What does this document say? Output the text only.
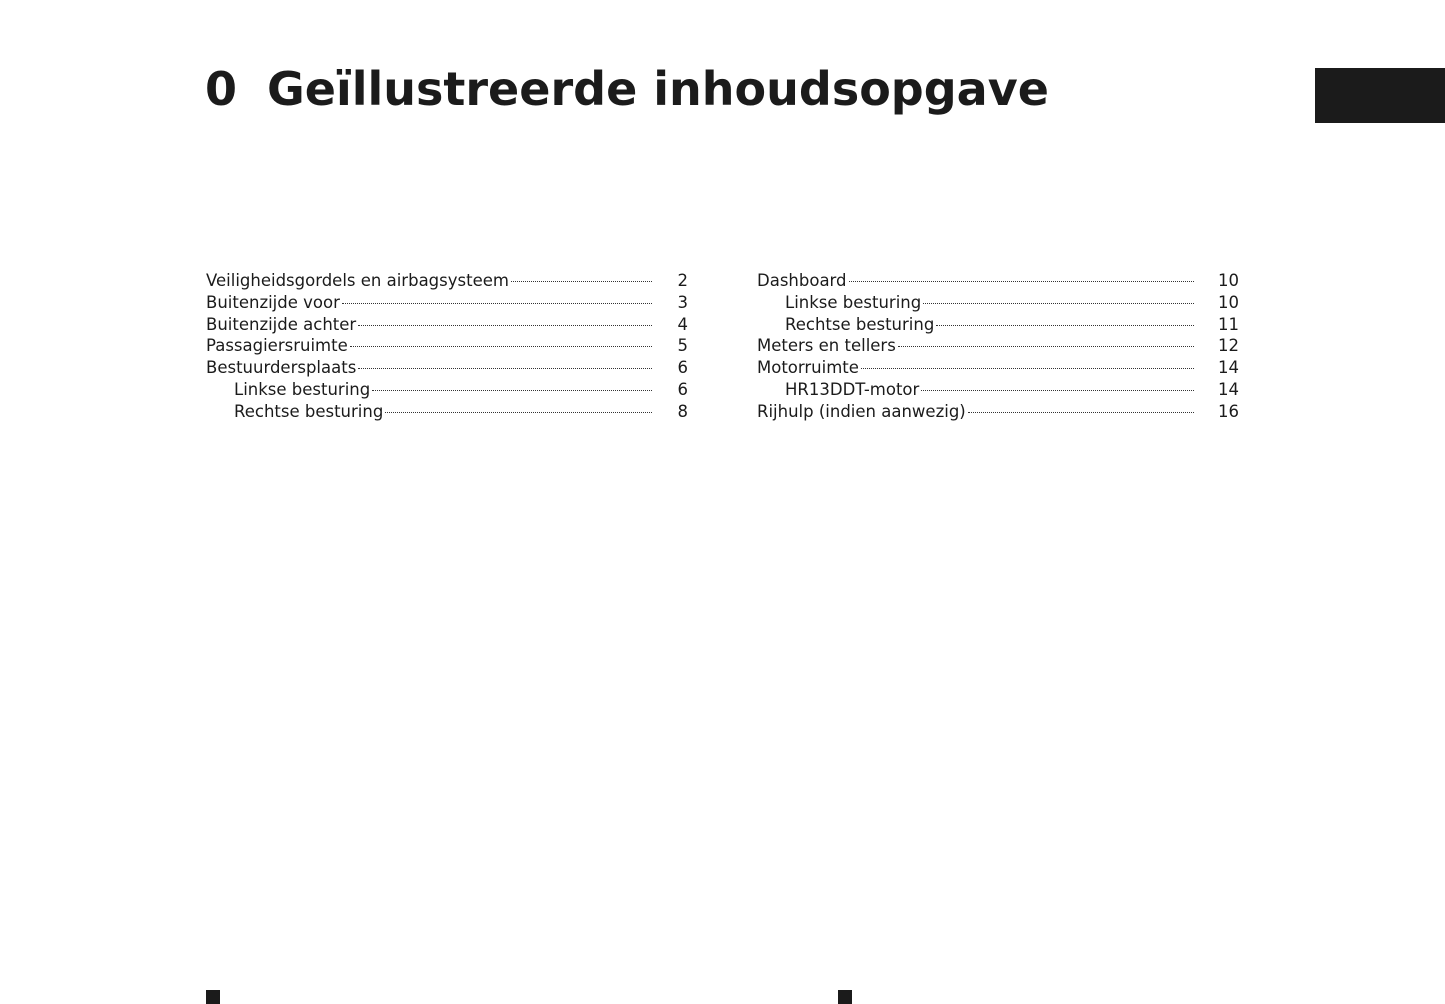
0 Geïllustreerde inhoudsopgave
Veiligheidsgordels en airbagsysteem	2
Buitenzijde voor	3
Buitenzijde achter	4
Passagiersruimte	5
Bestuurdersplaats	6
Linkse besturing	6
Rechtse besturing	8
Dashboard	10
Linkse besturing	10
Rechtse besturing	11
Meters en tellers	12
Motorruimte	14
HR13DDT-motor	14
Rijhulp (indien aanwezig)	16
